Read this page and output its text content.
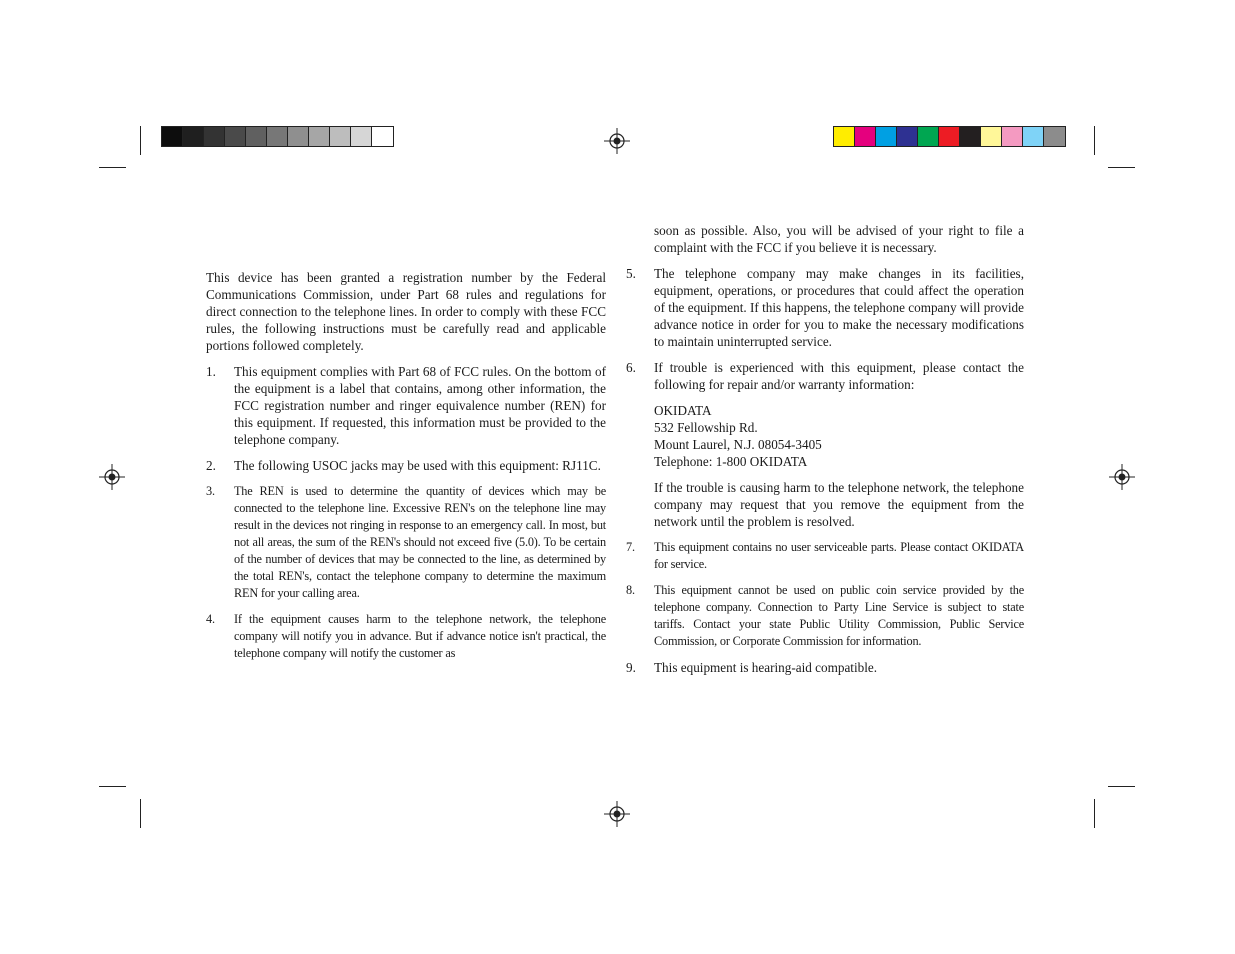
This device has been granted a registration number by the Federal Communications Commission, under Part 68 rules and regulations for direct connection to the telephone lines. In order to comply with these FCC rules, the following instructions must be carefully read and applicable portions followed completely.

1. This equipment complies with Part 68 of FCC rules. On the bottom of the equipment is a label that contains, among other information, the FCC registration number and ringer equivalence number (REN) for this equipment. If requested, this information must be provided to the telephone company.
2. The following USOC jacks may be used with this equipment: RJ11C.
3. The REN is used to determine the quantity of devices which may be connected to the telephone line. Excessive REN's on the telephone line may result in the devices not ringing in response to an emergency call. In most, but not all areas, the sum of the REN's should not exceed five (5.0). To be certain of the number of devices that may be connected to the line, as determined by the total REN's, contact the telephone company to determine the maximum REN for your calling area.
4. If the equipment causes harm to the telephone network, the telephone company will notify you in advance. But if advance notice isn't practical, the telephone company will notify the customer as

soon as possible. Also, you will be advised of your right to file a complaint with the FCC if you believe it is necessary.

5. The telephone company may make changes in its facilities, equipment, operations, or procedures that could affect the operation of the equipment. If this happens, the telephone company will provide advance notice in order for you to make the necessary modifications to maintain uninterrupted service.
6. If trouble is experienced with this equipment, please contact the following for repair and/or warranty information:
OKIDATA
532 Fellowship Rd.
Mount Laurel, N.J. 08054-3405
Telephone: 1-800 OKIDATA

If the trouble is causing harm to the telephone network, the telephone company may request that you remove the equipment from the network until the problem is resolved.

7. This equipment contains no user serviceable parts. Please contact OKIDATA for service.
8. This equipment cannot be used on public coin service provided by the telephone company. Connection to Party Line Service is subject to state tariffs. Contact your state Public Utility Commission, Public Service Commission, or Corporate Commission for information.
9. This equipment is hearing-aid compatible.
